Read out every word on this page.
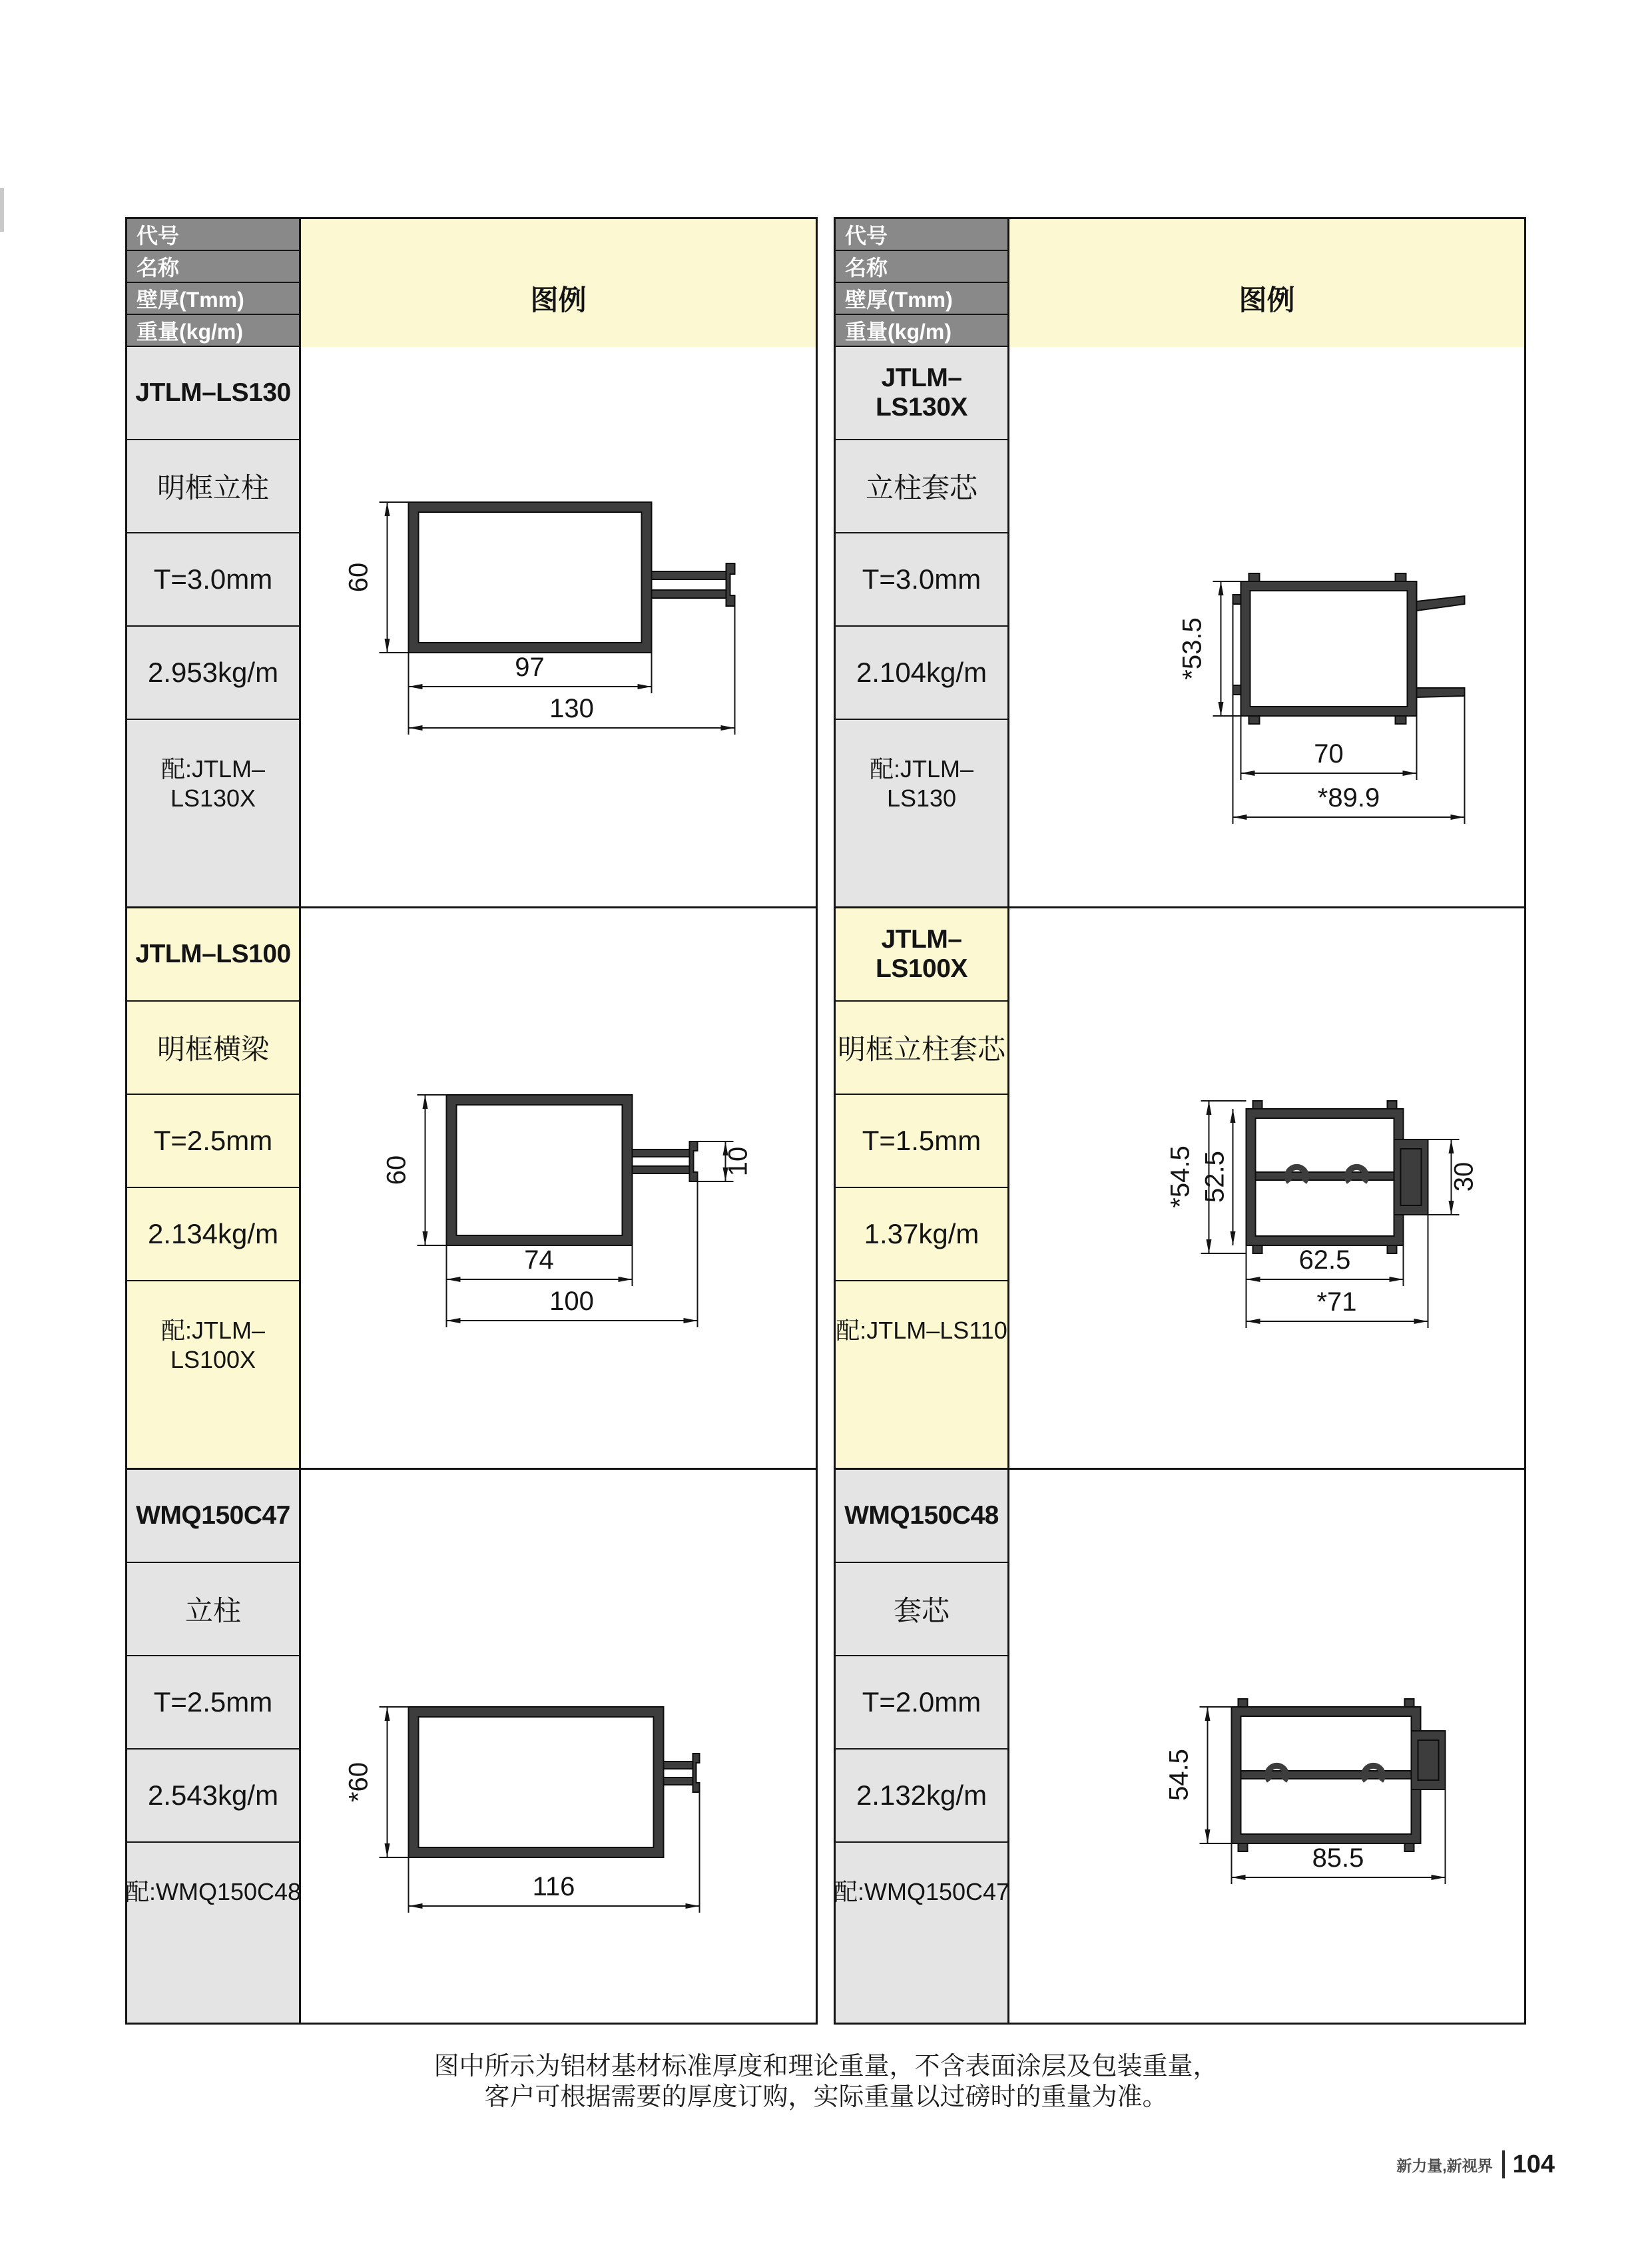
代号
名称
壁厚(Tmm)
重量(kg/m)
图例
JTLM–LS130
明框立柱
T=3.0mm
2.953kg/m
配:JTLM–LS130X
60
97
130
JTLM–LS100
明框横梁
T=2.5mm
2.134kg/m
配:JTLM–LS100X
60	10
74
100
WMQ150C47
立柱
T=2.5mm
2.543kg/m
配:WMQ150C48
*60
116
代号
名称
壁厚(Tmm)
重量(kg/m)
图例
JTLM–LS130X
立柱套芯
T=3.0mm
2.104kg/m
配:JTLM–LS130
*53.5
70
*89.9
JTLM–LS100X
明框立柱套芯
T=1.5mm
1.37kg/m
配:JTLM–LS110
*54.5 52.5	30
62.5
*71
WMQ150C48
套芯
T=2.0mm
2.132kg/m
配:WMQ150C47
54.5
85.5
图中所示为铝材基材标准厚度和理论重量，不含表面涂层及包装重量，
客户可根据需要的厚度订购，实际重量以过磅时的重量为准。
新力量,新视界 104
